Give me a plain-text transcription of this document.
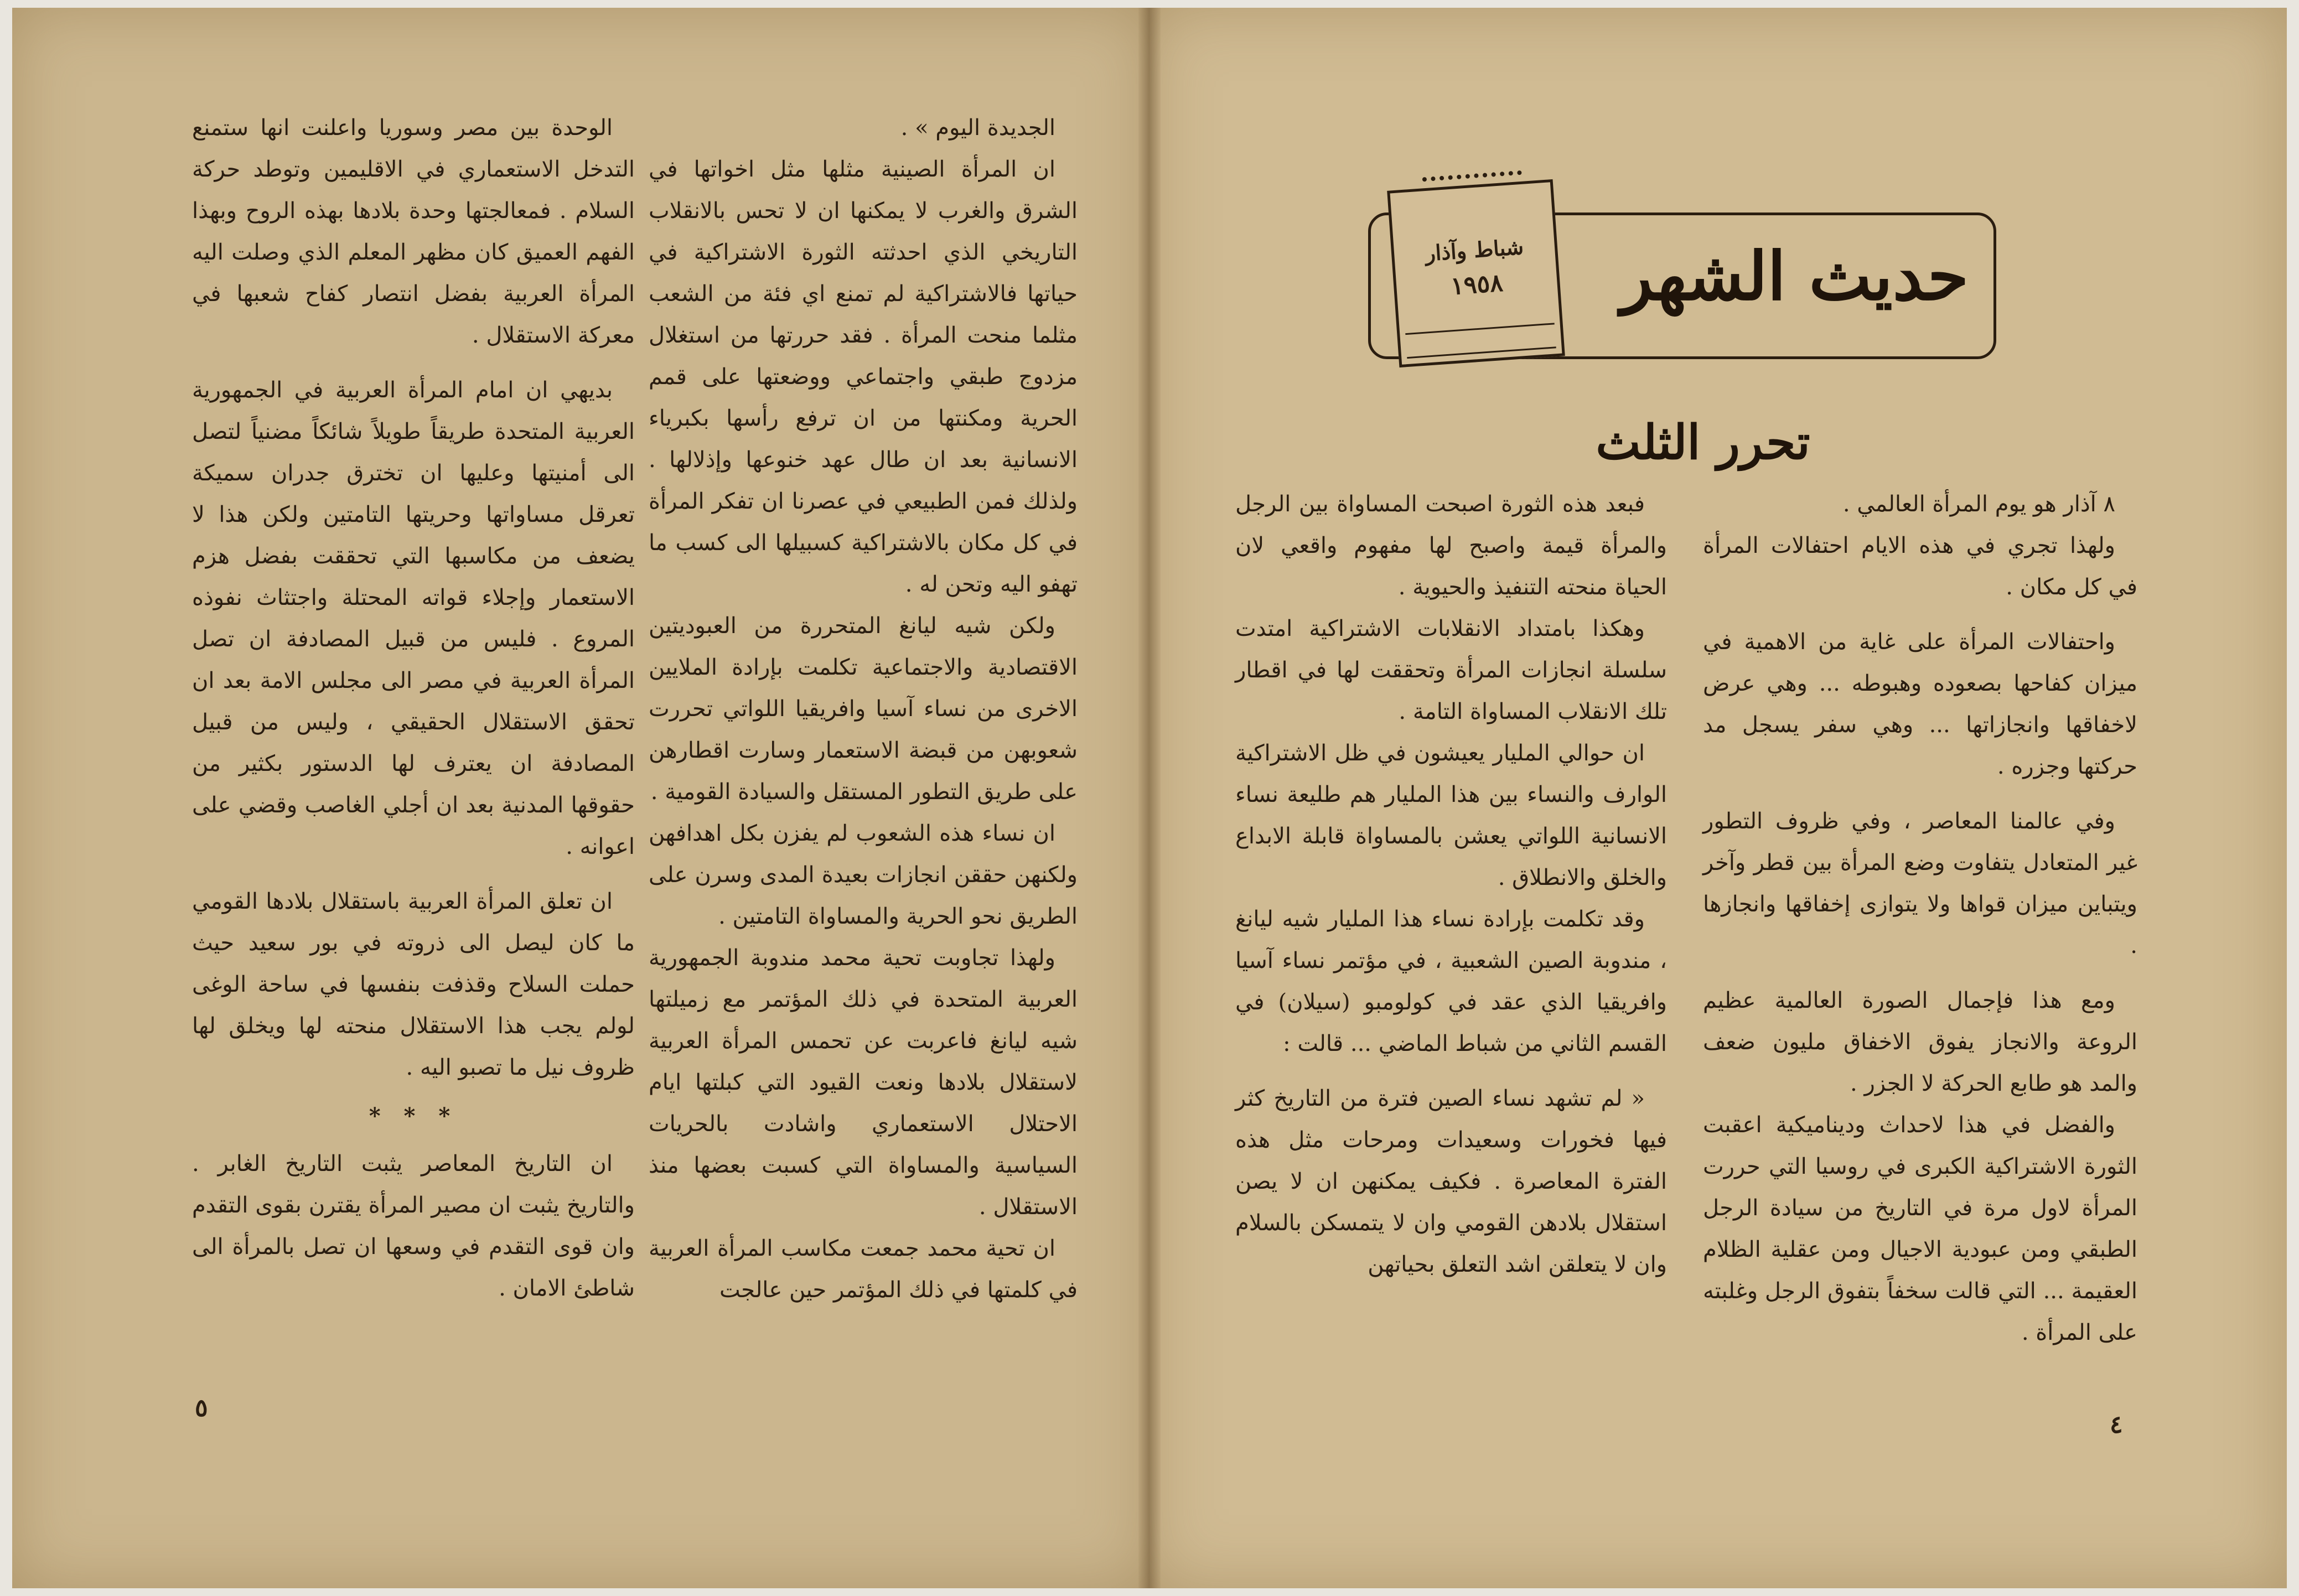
الجديدة اليوم » .

ان المرأة الصينية مثلها مثل اخواتها في الشرق والغرب لا يمكنها ان لا تحس بالانقلاب التاريخي الذي احدثته الثورة الاشتراكية في حياتها فالاشتراكية لم تمنع اي فئة من الشعب مثلما منحت المرأة . فقد حررتها من استغلال مزدوج طبقي واجتماعي ووضعتها على قمم الحرية ومكنتها من ان ترفع رأسها بكبرياء الانسانية بعد ان طال عهد خنوعها وإذلالها . ولذلك فمن الطبيعي في عصرنا ان تفكر المرأة في كل مكان بالاشتراكية كسبيلها الى كسب ما تهفو اليه وتحن له .

ولكن شيه ليانغ المتحررة من العبوديتين الاقتصادية والاجتماعية تكلمت بإرادة الملايين الاخرى من نساء آسيا وافريقيا اللواتي تحررت شعوبهن من قبضة الاستعمار وسارت اقطارهن على طريق التطور المستقل والسيادة القومية .

ان نساء هذه الشعوب لم يفزن بكل اهدافهن ولكنهن حققن انجازات بعيدة المدى وسرن على الطريق نحو الحرية والمساواة التامتين .

ولهذا تجاوبت تحية محمد مندوبة الجمهورية العربية المتحدة في ذلك المؤتمر مع زميلتها شيه ليانغ فاعربت عن تحمس المرأة العربية لاستقلال بلادها ونعت القيود التي كبلتها ايام الاحتلال الاستعماري واشادت بالحريات السياسية والمساواة التي كسبت بعضها منذ الاستقلال .

ان تحية محمد جمعت مكاسب المرأة العربية في كلمتها في ذلك المؤتمر حين عالجت

الوحدة بين مصر وسوريا واعلنت انها ستمنع التدخل الاستعماري في الاقليمين وتوطد حركة السلام . فمعالجتها وحدة بلادها بهذه الروح وبهذا الفهم العميق كان مظهر المعلم الذي وصلت اليه المرأة العربية بفضل انتصار كفاح شعبها في معركة الاستقلال .

بديهي ان امام المرأة العربية في الجمهورية العربية المتحدة طريقاً طويلاً شائكاً مضنياً لتصل الى أمنيتها وعليها ان تخترق جدران سميكة تعرقل مساواتها وحريتها التامتين ولكن هذا لا يضعف من مكاسبها التي تحققت بفضل هزم الاستعمار وإجلاء قواته المحتلة واجتثاث نفوذه المروع . فليس من قبيل المصادفة ان تصل المرأة العربية في مصر الى مجلس الامة بعد ان تحقق الاستقلال الحقيقي ، وليس من قبيل المصادفة ان يعترف لها الدستور بكثير من حقوقها المدنية بعد ان أجلي الغاصب وقضي على اعوانه .

ان تعلق المرأة العربية باستقلال بلادها القومي ما كان ليصل الى ذروته في بور سعيد حيث حملت السلاح وقذفت بنفسها في ساحة الوغى لولم يجب هذا الاستقلال منحته لها ويخلق لها ظروف نيل ما تصبو اليه .

* * *

ان التاريخ المعاصر يثبت التاريخ الغابر . والتاريخ يثبت ان مصير المرأة يقترن بقوى التقدم وان قوى التقدم في وسعها ان تصل بالمرأة الى شاطئ الامان .

٥
حديث الشهر
شباط وآذار
١٩٥٨
تحرر الثلث

٨ آذار هو يوم المرأة العالمي .

ولهذا تجري في هذه الايام احتفالات المرأة في كل مكان .

واحتفالات المرأة على غاية من الاهمية في ميزان كفاحها بصعوده وهبوطه ... وهي عرض لاخفاقها وانجازاتها ... وهي سفر يسجل مد حركتها وجزره .

وفي عالمنا المعاصر ، وفي ظروف التطور غير المتعادل يتفاوت وضع المرأة بين قطر وآخر ويتباين ميزان قواها ولا يتوازى إخفاقها وانجازها .

ومع هذا فإجمال الصورة العالمية عظيم الروعة والانجاز يفوق الاخفاق مليون ضعف والمد هو طابع الحركة لا الجزر .

والفضل في هذا لاحداث وديناميكية اعقبت الثورة الاشتراكية الكبرى في روسيا التي حررت المرأة لاول مرة في التاريخ من سيادة الرجل الطبقي ومن عبودية الاجيال ومن عقلية الظلام العقيمة ... التي قالت سخفاً بتفوق الرجل وغلبته على المرأة .

فبعد هذه الثورة اصبحت المساواة بين الرجل والمرأة قيمة واصبح لها مفهوم واقعي لان الحياة منحته التنفيذ والحيوية .

وهكذا بامتداد الانقلابات الاشتراكية امتدت سلسلة انجازات المرأة وتحققت لها في اقطار تلك الانقلاب المساواة التامة .

ان حوالي المليار يعيشون في ظل الاشتراكية الوارف والنساء بين هذا المليار هم طليعة نساء الانسانية اللواتي يعشن بالمساواة قابلة الابداع والخلق والانطلاق .

وقد تكلمت بإرادة نساء هذا المليار شيه ليانغ ، مندوبة الصين الشعبية ، في مؤتمر نساء آسيا وافريقيا الذي عقد في كولومبو (سيلان) في القسم الثاني من شباط الماضي ... قالت :

« لم تشهد نساء الصين فترة من التاريخ كثر فيها فخورات وسعيدات ومرحات مثل هذه الفترة المعاصرة . فكيف يمكنهن ان لا يصن استقلال بلادهن القومي وان لا يتمسكن بالسلام وان لا يتعلقن اشد التعلق بحياتهن

٤
